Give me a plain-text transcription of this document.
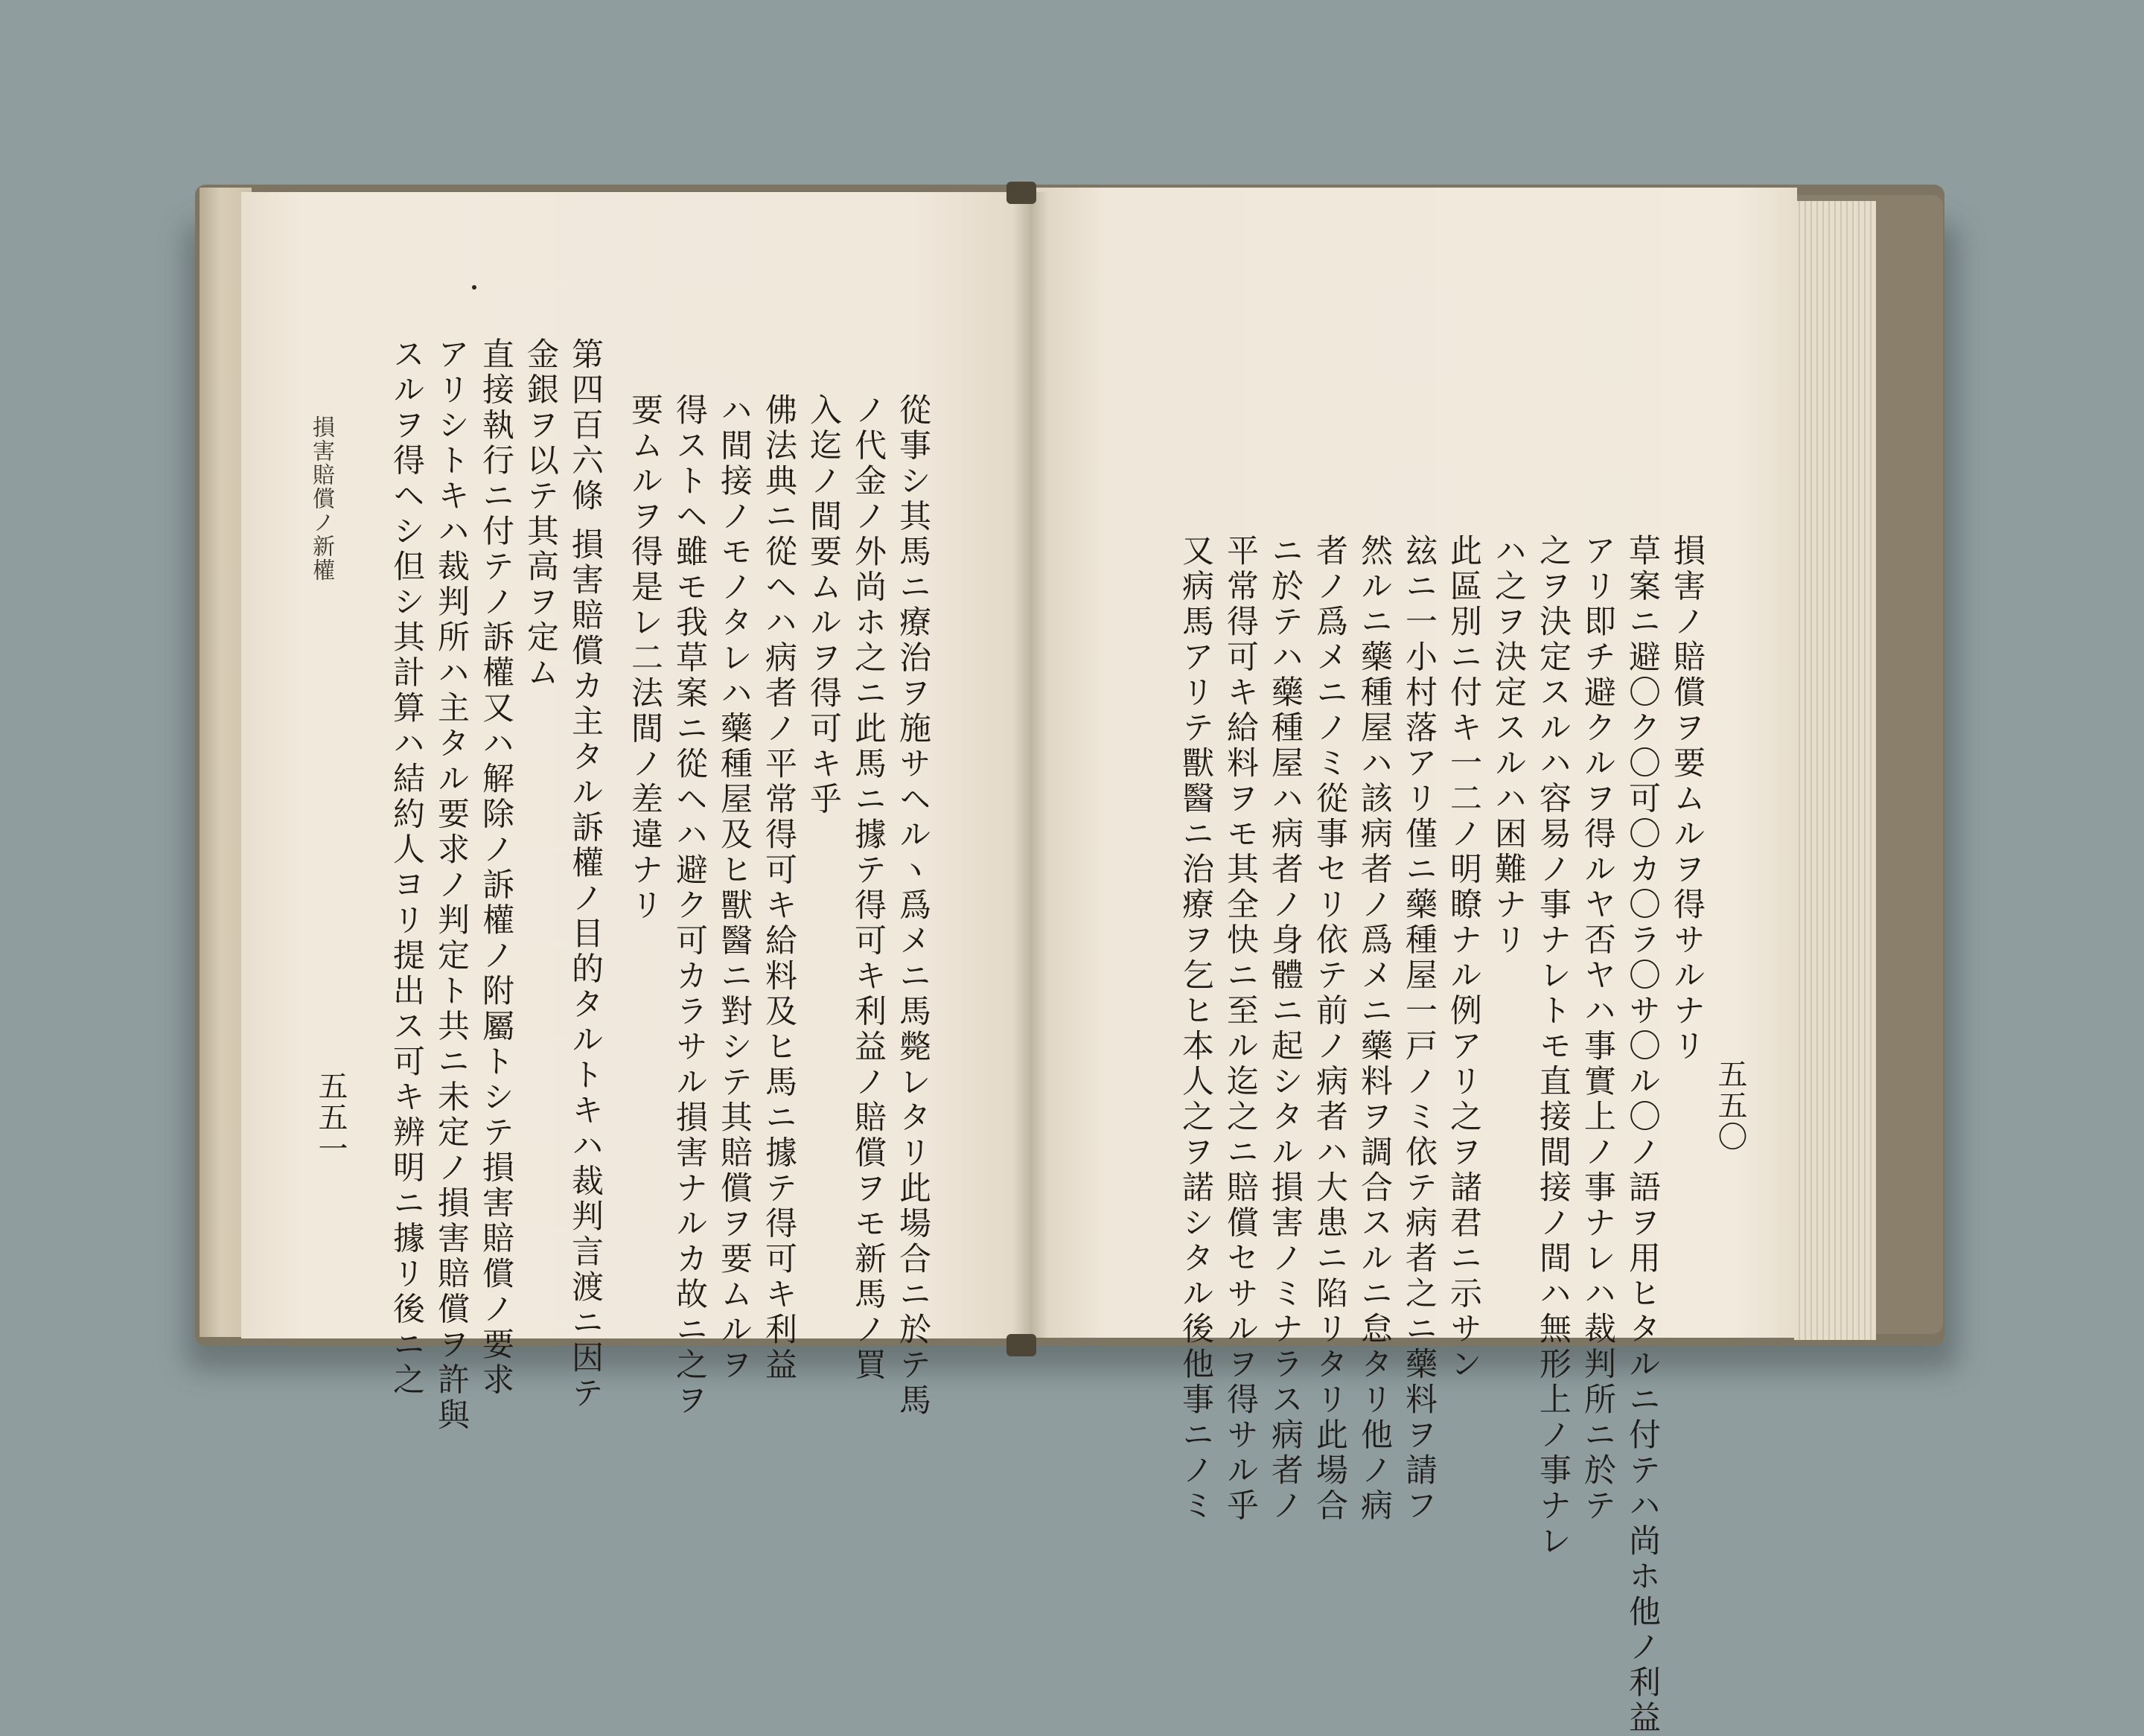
從事シ其馬ニ療治ヲ施サヘルヽ爲メニ馬斃レタリ此場合ニ於テ馬
ノ代金ノ外尚ホ之ニ此馬ニ據テ得可キ利益ノ賠償ヲモ新馬ノ買
入迄ノ間要ムルヲ得可キ乎
佛法典ニ從ヘハ病者ノ平常得可キ給料及ヒ馬ニ據テ得可キ利益
ハ間接ノモノタレハ藥種屋及ヒ獸醫ニ對シテ其賠償ヲ要ムルヲ
得ストヘ雖モ我草案ニ從ヘハ避ク可カラサル損害ナルカ故ニ之ヲ
要ムルヲ得是レ二法間ノ差違ナリ
第四百六條 損害賠償カ主タル訴權ノ目的タルトキハ裁判言渡ニ因テ
金銀ヲ以テ其高ヲ定ム
直接執行ニ付テノ訴權又ハ解除ノ訴權ノ附屬トシテ損害賠償ノ要求
アリシトキハ裁判所ハ主タル要求ノ判定ト共ニ未定ノ損害賠償ヲ許與
スルヲ得ヘシ但シ其計算ハ結約人ヨリ提出ス可キ辨明ニ據リ後ニ之
損害賠償ノ新權
五五一
損害ノ賠償ヲ要ムルヲ得サルナリ
草案ニ避〇ク〇可〇カ〇ラ〇サ〇ル〇ノ語ヲ用ヒタルニ付テハ尚ホ他ノ利益
アリ即チ避クルヲ得ルヤ否ヤハ事實上ノ事ナレハ裁判所ニ於テ
之ヲ決定スルハ容易ノ事ナレトモ直接間接ノ間ハ無形上ノ事ナレ
ハ之ヲ決定スルハ困難ナリ
此區別ニ付キ一二ノ明瞭ナル例アリ之ヲ諸君ニ示サン
玆ニ一小村落アリ僅ニ藥種屋一戸ノミ依テ病者之ニ藥料ヲ請フ
然ルニ藥種屋ハ該病者ノ爲メニ藥料ヲ調合スルニ怠タリ他ノ病
者ノ爲メニノミ從事セリ依テ前ノ病者ハ大患ニ陷リタリ此場合
ニ於テハ藥種屋ハ病者ノ身體ニ起シタル損害ノミナラス病者ノ
平常得可キ給料ヲモ其全快ニ至ル迄之ニ賠償セサルヲ得サル乎
又病馬アリテ獸醫ニ治療ヲ乞ヒ本人之ヲ諾シタル後他事ニノミ	五五〇
